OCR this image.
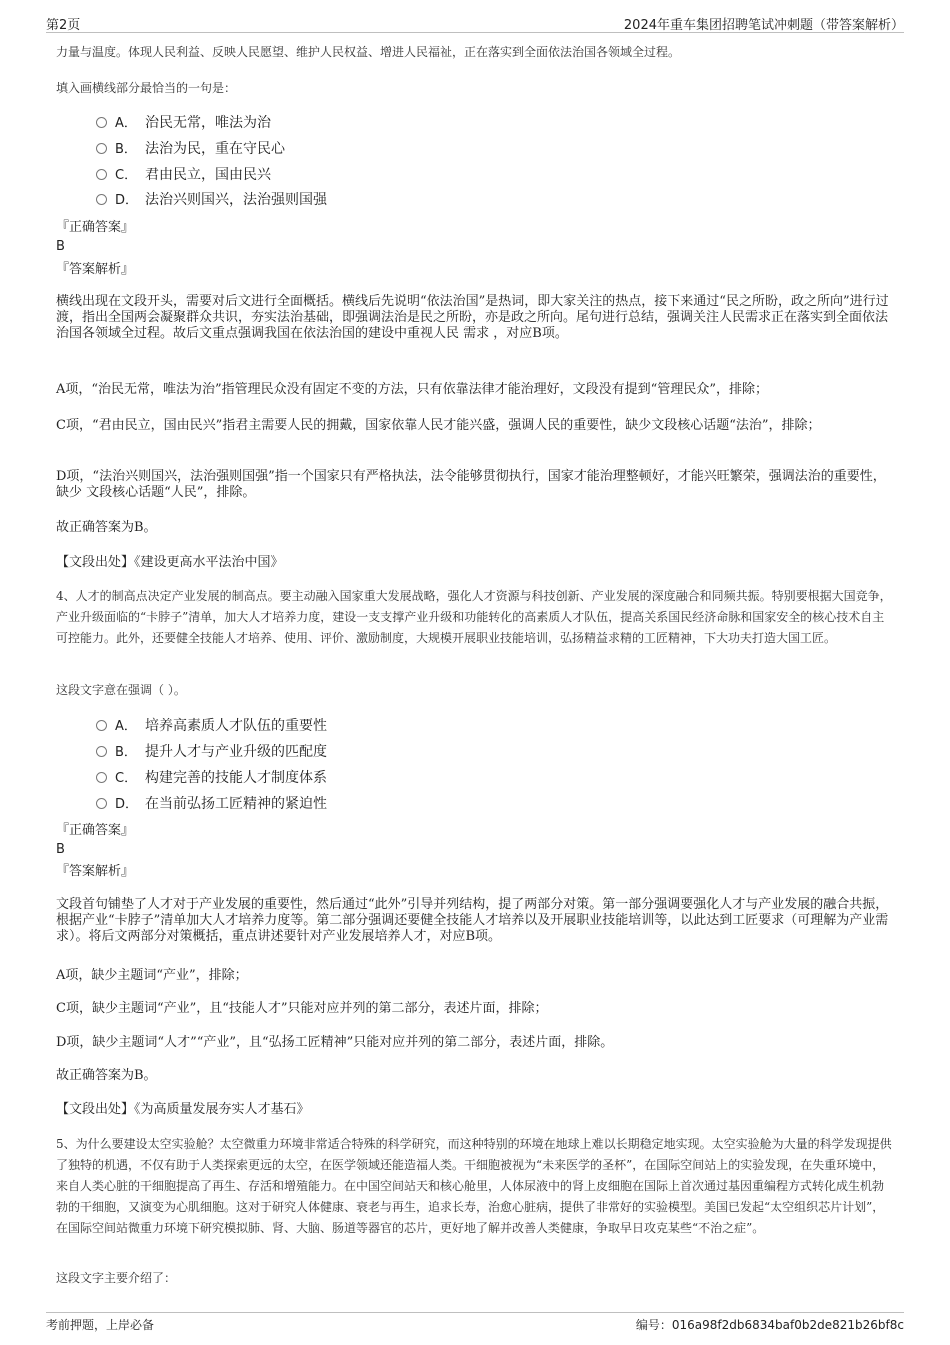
第2页	2024年重车集团招聘笔试冲刺题（带答案解析）
力量与温度。体现人民利益、反映人民愿望、维护人民权益、增进人民福祉，正在落实到全面依法治国各领域全过程。
填入画横线部分最恰当的一句是：
A． 治民无常，唯法为治
B． 法治为民，重在守民心
C． 君由民立，国由民兴
D． 法治兴则国兴，法治强则国强
『正确答案』
B
『答案解析』
横线出现在文段开头，需要对后文进行全面概括。横线后先说明“依法治国”是热词，即大家关注的热点，接下来通过“民之所盼，政之所向”进行过渡，指出全国两会凝聚群众共识，夯实法治基础，即强调法治是民之所盼，亦是政之所向。尾句进行总结，强调关注人民需求正在落实到全面依法治国各领域全过程。故后文重点强调我国在依法治国的建设中重视人民 需求 ，对应B项。
A项，“治民无常，唯法为治”指管理民众没有固定不变的方法，只有依靠法律才能治理好，文段没有提到“管理民众”，排除；
C项，“君由民立，国由民兴”指君主需要人民的拥戴，国家依靠人民才能兴盛，强调人民的重要性，缺少文段核心话题“法治”，排除；
D项，“法治兴则国兴，法治强则国强”指一个国家只有严格执法，法令能够贯彻执行，国家才能治理整顿好，才能兴旺繁荣，强调法治的重要性， 缺少 文段核心话题“人民”，排除。
故正确答案为B。
【文段出处】《建设更高水平法治中国》
4、人才的制高点决定产业发展的制高点。要主动融入国家重大发展战略，强化人才资源与科技创新、产业发展的深度融合和同频共振。特别要根据大国竞争，产业升级面临的“卡脖子”清单，加大人才培养力度，建设一支支撑产业升级和功能转化的高素质人才队伍，提高关系国民经济命脉和国家安全的核心技术自主可控能力。此外，还要健全技能人才培养、使用、评价、激励制度，大规模开展职业技能培训，弘扬精益求精的工匠精神，下大功夫打造大国工匠。
这段文字意在强调（ ）。
A． 培养高素质人才队伍的重要性
B． 提升人才与产业升级的匹配度
C． 构建完善的技能人才制度体系
D． 在当前弘扬工匠精神的紧迫性
『正确答案』
B
『答案解析』
文段首句铺垫了人才对于产业发展的重要性，然后通过“此外”引导并列结构，提了两部分对策。第一部分强调要强化人才与产业发展的融合共振，根据产业“卡脖子”清单加大人才培养力度等。第二部分强调还要健全技能人才培养以及开展职业技能培训等，以此达到工匠要求（可理解为产业需求）。将后文两部分对策概括，重点讲述要针对产业发展培养人才，对应B项。
A项，缺少主题词“产业”，排除；
C项，缺少主题词“产业”，且“技能人才”只能对应并列的第二部分，表述片面，排除；
D项，缺少主题词“人才”“产业”，且“弘扬工匠精神”只能对应并列的第二部分，表述片面，排除。
故正确答案为B。
【文段出处】《为高质量发展夯实人才基石》
5、为什么要建设太空实验舱？太空微重力环境非常适合特殊的科学研究，而这种特别的环境在地球上难以长期稳定地实现。太空实验舱为大量的科学发现提供了独特的机遇，不仅有助于人类探索更远的太空，在医学领域还能造福人类。干细胞被视为“未来医学的圣杯”，在国际空间站上的实验发现，在失重环境中，来自人类心脏的干细胞提高了再生、存活和增殖能力。在中国空间站天和核心舱里，人体尿液中的肾上皮细胞在国际上首次通过基因重编程方式转化成生机勃勃的干细胞，又演变为心肌细胞。这对于研究人体健康、衰老与再生，追求长寿，治愈心脏病，提供了非常好的实验模型。美国已发起“太空组织芯片计划”，在国际空间站微重力环境下研究模拟肺、肾、大脑、肠道等器官的芯片，更好地了解并改善人类健康，争取早日攻克某些“不治之症”。
这段文字主要介绍了：
考前押题，上岸必备	编号：016a98f2db6834baf0b2de821b26bf8c
